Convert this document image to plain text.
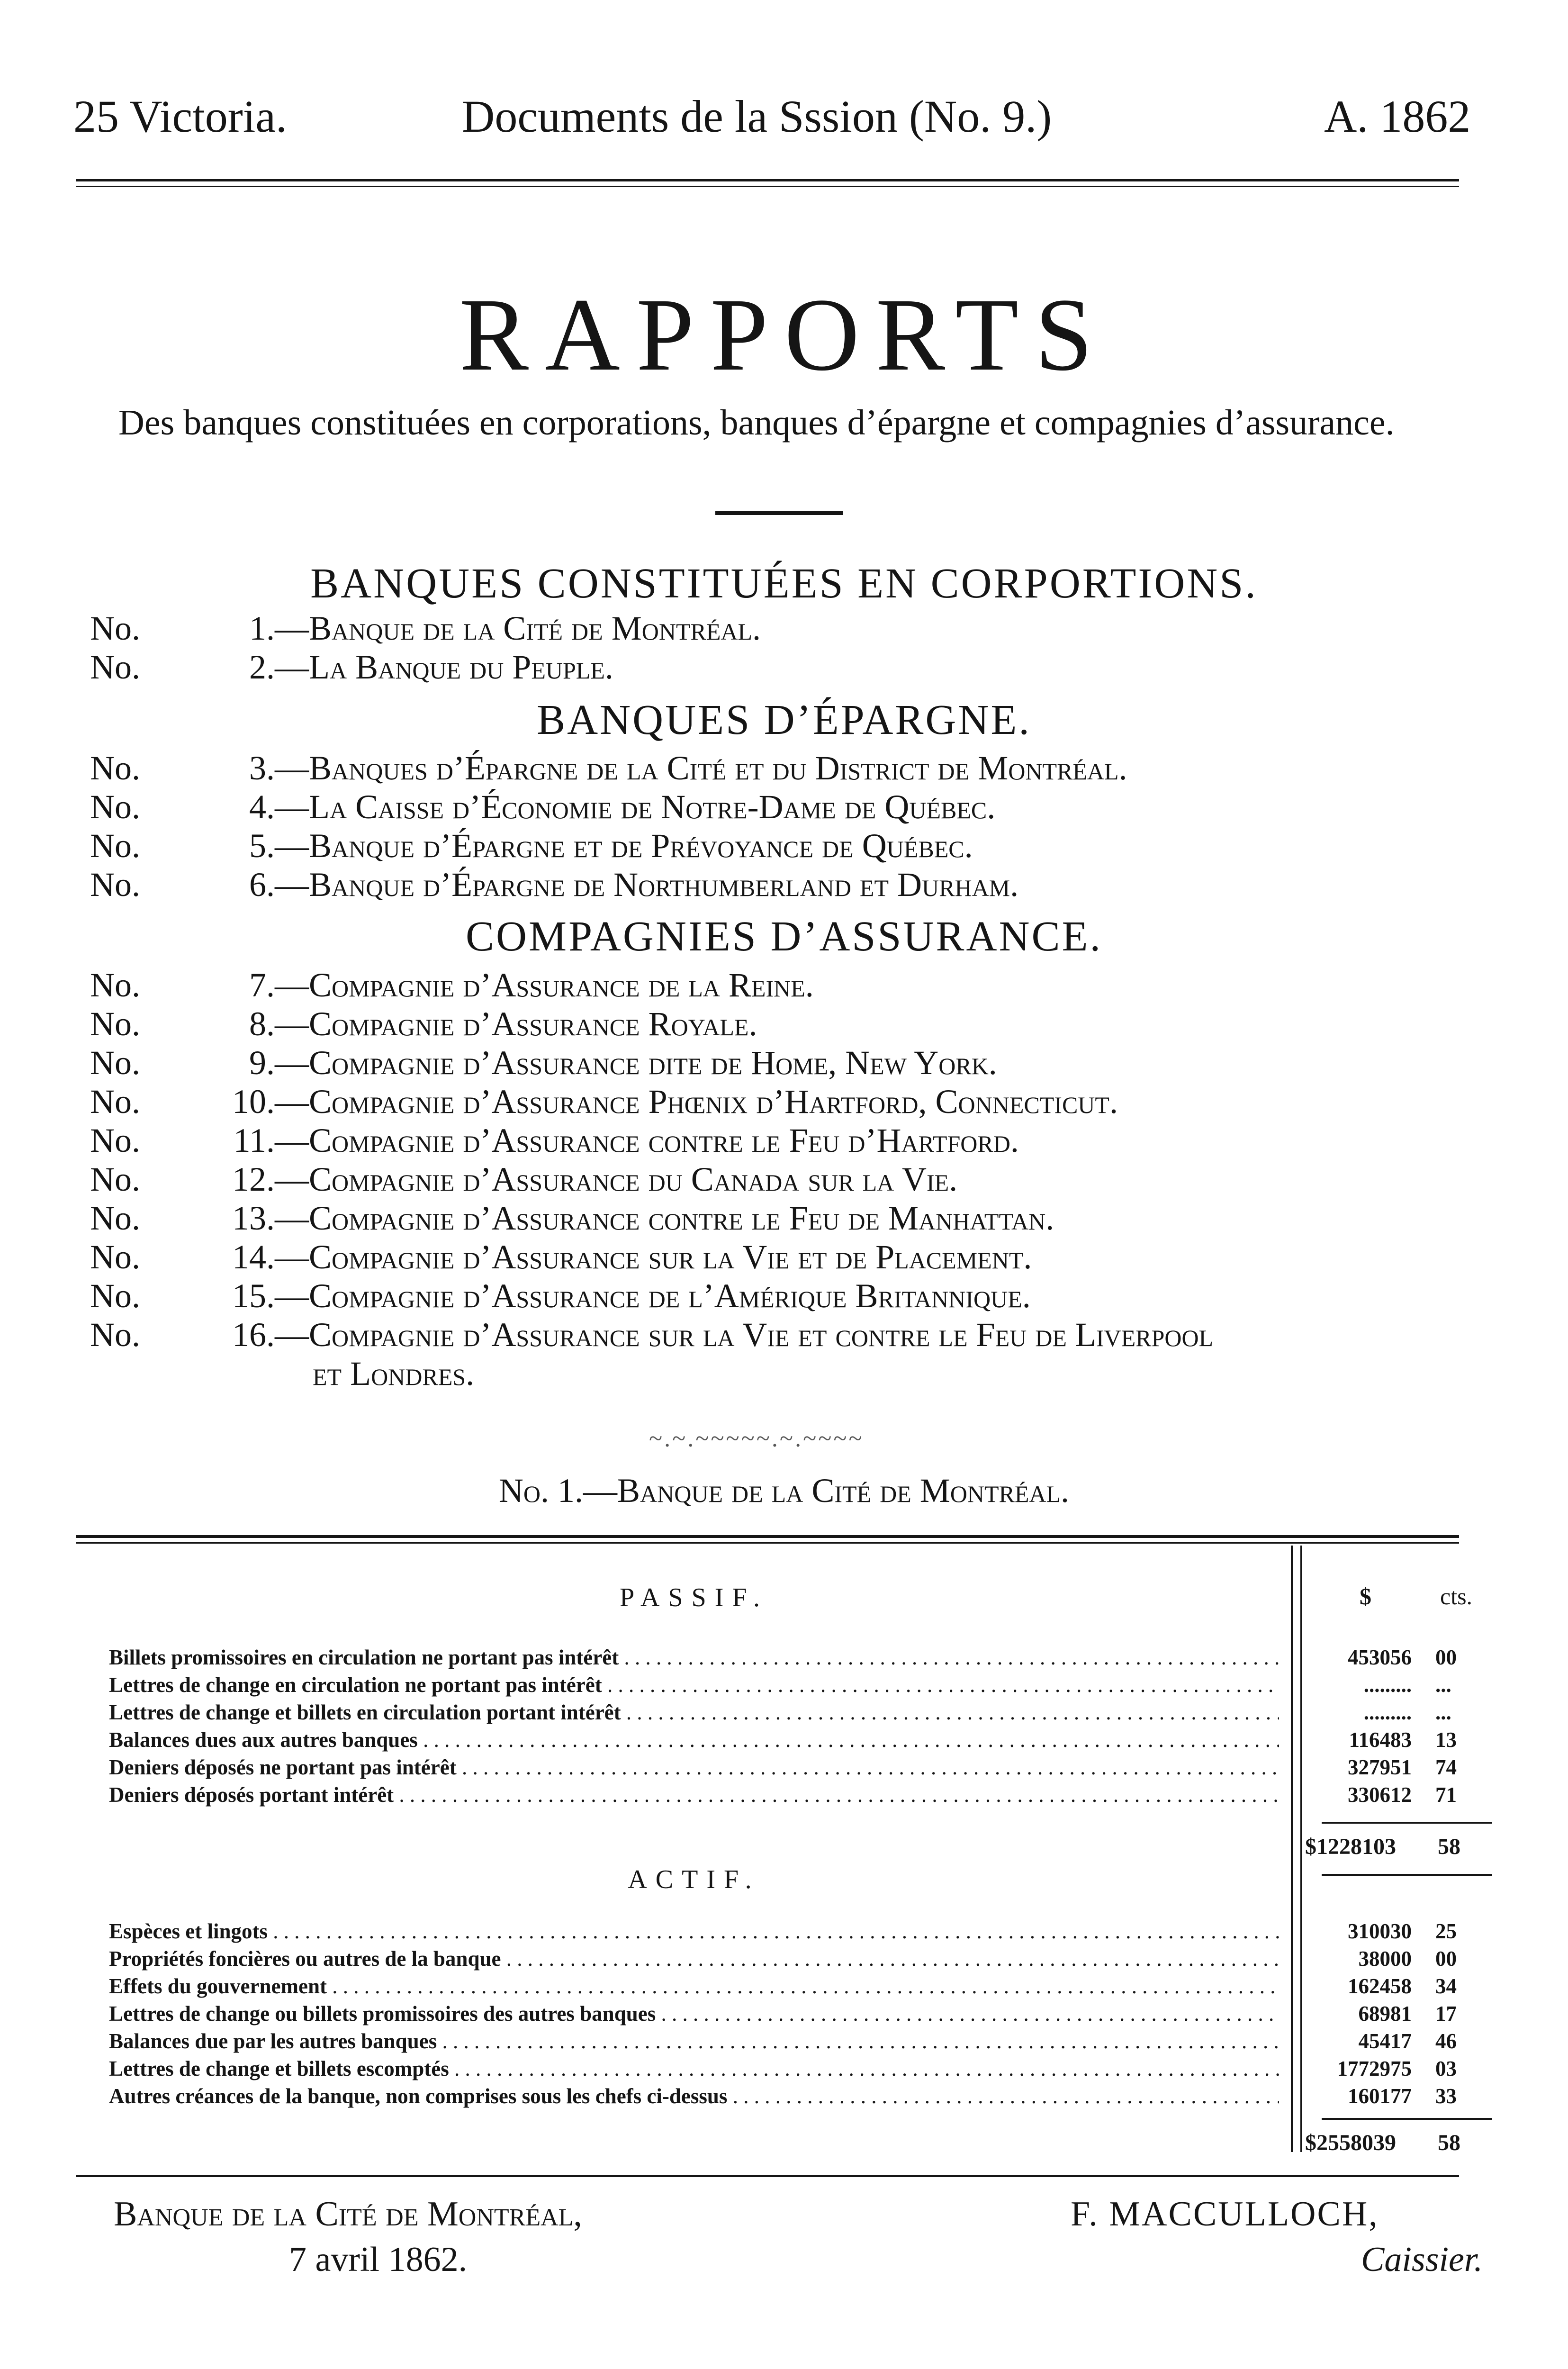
25 Victoria.	Documents de la Sssion (No. 9.)	A. 1862
RAPPORTS
Des banques constituées en corporations, banques d’épargne et compagnies d’assurance.
BANQUES CONSTITUÉES EN CORPORTIONS.
No.	1.—Banque de la Cité de Montréal.
No.	2.—La Banque du Peuple.
BANQUES D’ÉPARGNE.
No.	3.—Banques d’Épargne de la Cité et du District de Montréal.
No.	4.—La Caisse d’Économie de Notre-Dame de Québec.
No.	5.—Banque d’Épargne et de Prévoyance de Québec.
No.	6.—Banque d’Épargne de Northumberland et Durham.
COMPAGNIES D’ASSURANCE.
No.	7.—Compagnie d’Assurance de la Reine.
No.	8.—Compagnie d’Assurance Royale.
No.	9.—Compagnie d’Assurance dite de Home, New York.
No.	10.—Compagnie d’Assurance Phœnix d’Hartford, Connecticut.
No.	11.—Compagnie d’Assurance contre le Feu d’Hartford.
No.	12.—Compagnie d’Assurance du Canada sur la Vie.
No.	13.—Compagnie d’Assurance contre le Feu de Manhattan.
No.	14.—Compagnie d’Assurance sur la Vie et de Placement.
No.	15.—Compagnie d’Assurance de l’Amérique Britannique.
No.	16.—Compagnie d’Assurance sur la Vie et contre le Feu de Liverpool
et Londres.
~.~.~~~~~.~.~~~~
No. 1.—Banque de la Cité de Montréal.
PASSIF.	$	cts.
Billets promissoires en circulation ne portant pas intérêt . . .	453056 00
Lettres de change en circulation ne portant pas intérêt . . .	......... ...
Lettres de change et billets en circulation portant intérêt . . .	......... ...
Balances dues aux autres banques . . .	116483 13
Deniers déposés ne portant pas intérêt . . .	327951 74
Deniers déposés portant intérêt . . .	330612 71
$1228103 58
ACTIF.
Espèces et lingots . . .	310030 25
Propriétés foncières ou autres de la banque . . .	38000 00
Effets du gouvernement . . .	162458 34
Lettres de change ou billets promissoires des autres banques . . .	68981 17
Balances due par les autres banques . . .	45417 46
Lettres de change et billets escomptés . . .	1772975 03
Autres créances de la banque, non comprises sous les chefs ci-dessus . . .	160177 33
$2558039 58
Banque de la Cité de Montréal,
7 avril 1862.
F. MACCULLOCH,
Caissier.
